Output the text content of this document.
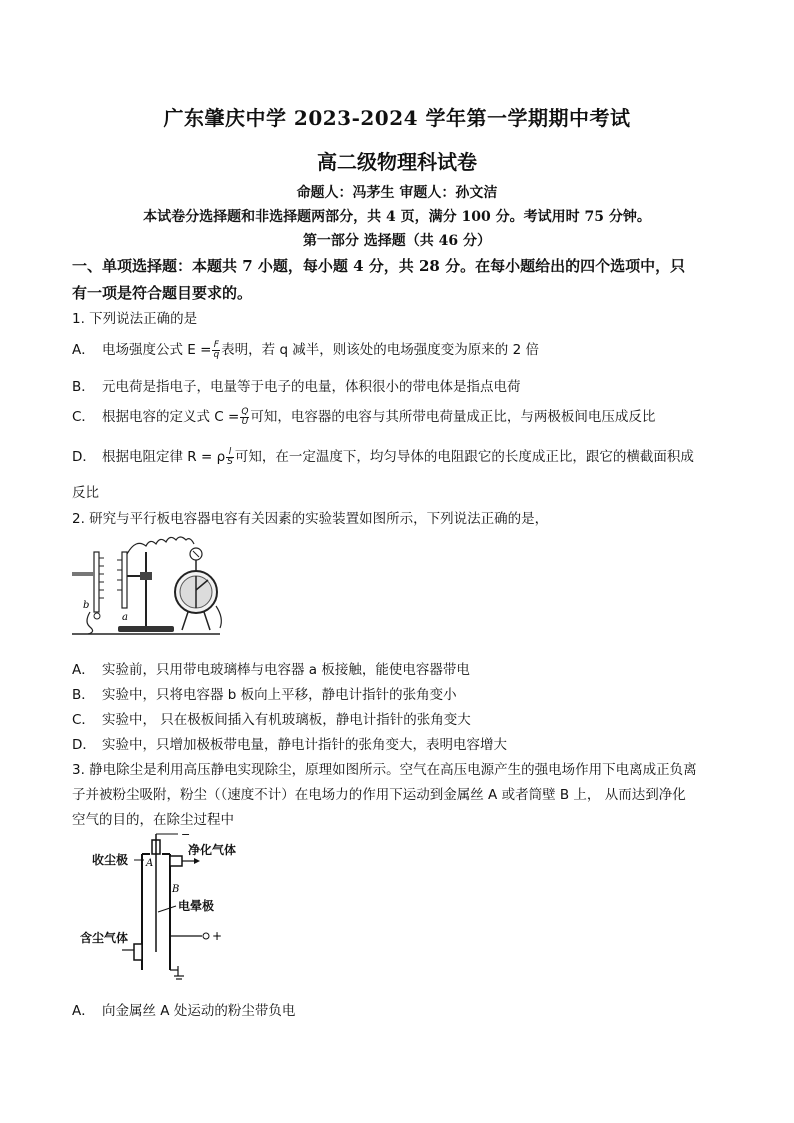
广东肇庆中学 2023-2024 学年第一学期期中考试
高二级物理科试卷
命题人：冯茅生 审题人：孙文洁
本试卷分选择题和非选择题两部分，共 4 页，满分 100 分。考试用时 75 分钟。
第一部分 选择题（共 46 分）
一、单项选择题：本题共 7 小题，每小题 4 分，共 28 分。在每小题给出的四个选项中，只
有一项是符合题目要求的。
1. 下列说法正确的是
A． 电场强度公式 $E = \frac{F}{q}$ 表明，若 q 减半，则该处的电场强度变为原来的 2 倍
B． 元电荷是指电子，电量等于电子的电量，体积很小的带电体是指点电荷
C． 根据电容的定义式 $C = \frac{Q}{U}$ 可知，电容器的电容与其所带电荷量成正比，与两极板间电压成反比
D． 根据电阻定律 R = ρ $\frac{l}{S}$ 可知，在一定温度下，均匀导体的电阻跟它的长度成正比，跟它的横截面积成
反比
2. 研究与平行板电容器电容有关因素的实验装置如图所示，下列说法正确的是，
b
a
A． 实验前，只用带电玻璃棒与电容器 a 板接触，能使电容器带电
B． 实验中，只将电容器 b 板向上平移，静电计指针的张角变小
C． 实验中， 只在极板间插入有机玻璃板，静电计指针的张角变大
D． 实验中，只增加极板带电量，静电计指针的张角变大，表明电容增大
3. 静电除尘是利用高压静电实现除尘，原理如图所示。空气在高压电源产生的强电场作用下电离成正负离
子并被粉尘吸附，粉尘（（速度不计）在电场力的作用下运动到金属丝 A 或者筒壁 B 上， 从而达到净化
空气的目的，在除尘过程中
收尘极
净化气体
电晕极
含尘气体
−
A
B
+
A． 向金属丝 A 处运动的粉尘带负电
